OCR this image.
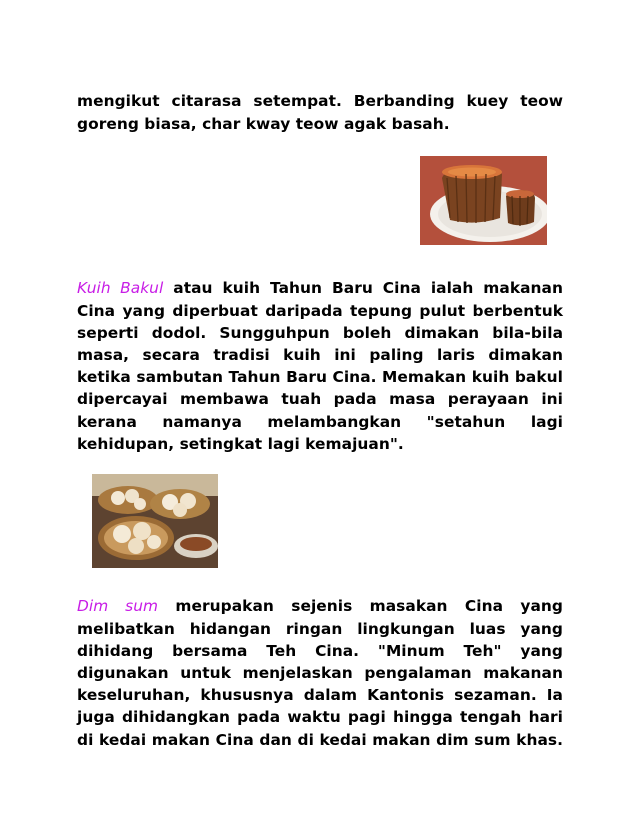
mengikut citarasa setempat. Berbanding kuey teow goreng biasa, char kway teow agak basah.

Kuih Bakul atau kuih Tahun Baru Cina ialah makanan Cina yang diperbuat daripada tepung pulut berbentuk seperti dodol. Sungguhpun boleh dimakan bila-bila masa, secara tradisi kuih ini paling laris dimakan ketika sambutan Tahun Baru Cina. Memakan kuih bakul dipercayai membawa tuah pada masa perayaan ini kerana namanya melambangkan "setahun lagi kehidupan, setingkat lagi kemajuan".

Dim sum merupakan sejenis masakan Cina yang melibatkan hidangan ringan lingkungan luas yang dihidang bersama Teh Cina. "Minum Teh" yang digunakan untuk menjelaskan pengalaman makanan keseluruhan, khususnya dalam Kantonis sezaman. Ia juga dihidangkan pada waktu pagi hingga tengah hari di kedai makan Cina dan di kedai makan dim sum khas.
